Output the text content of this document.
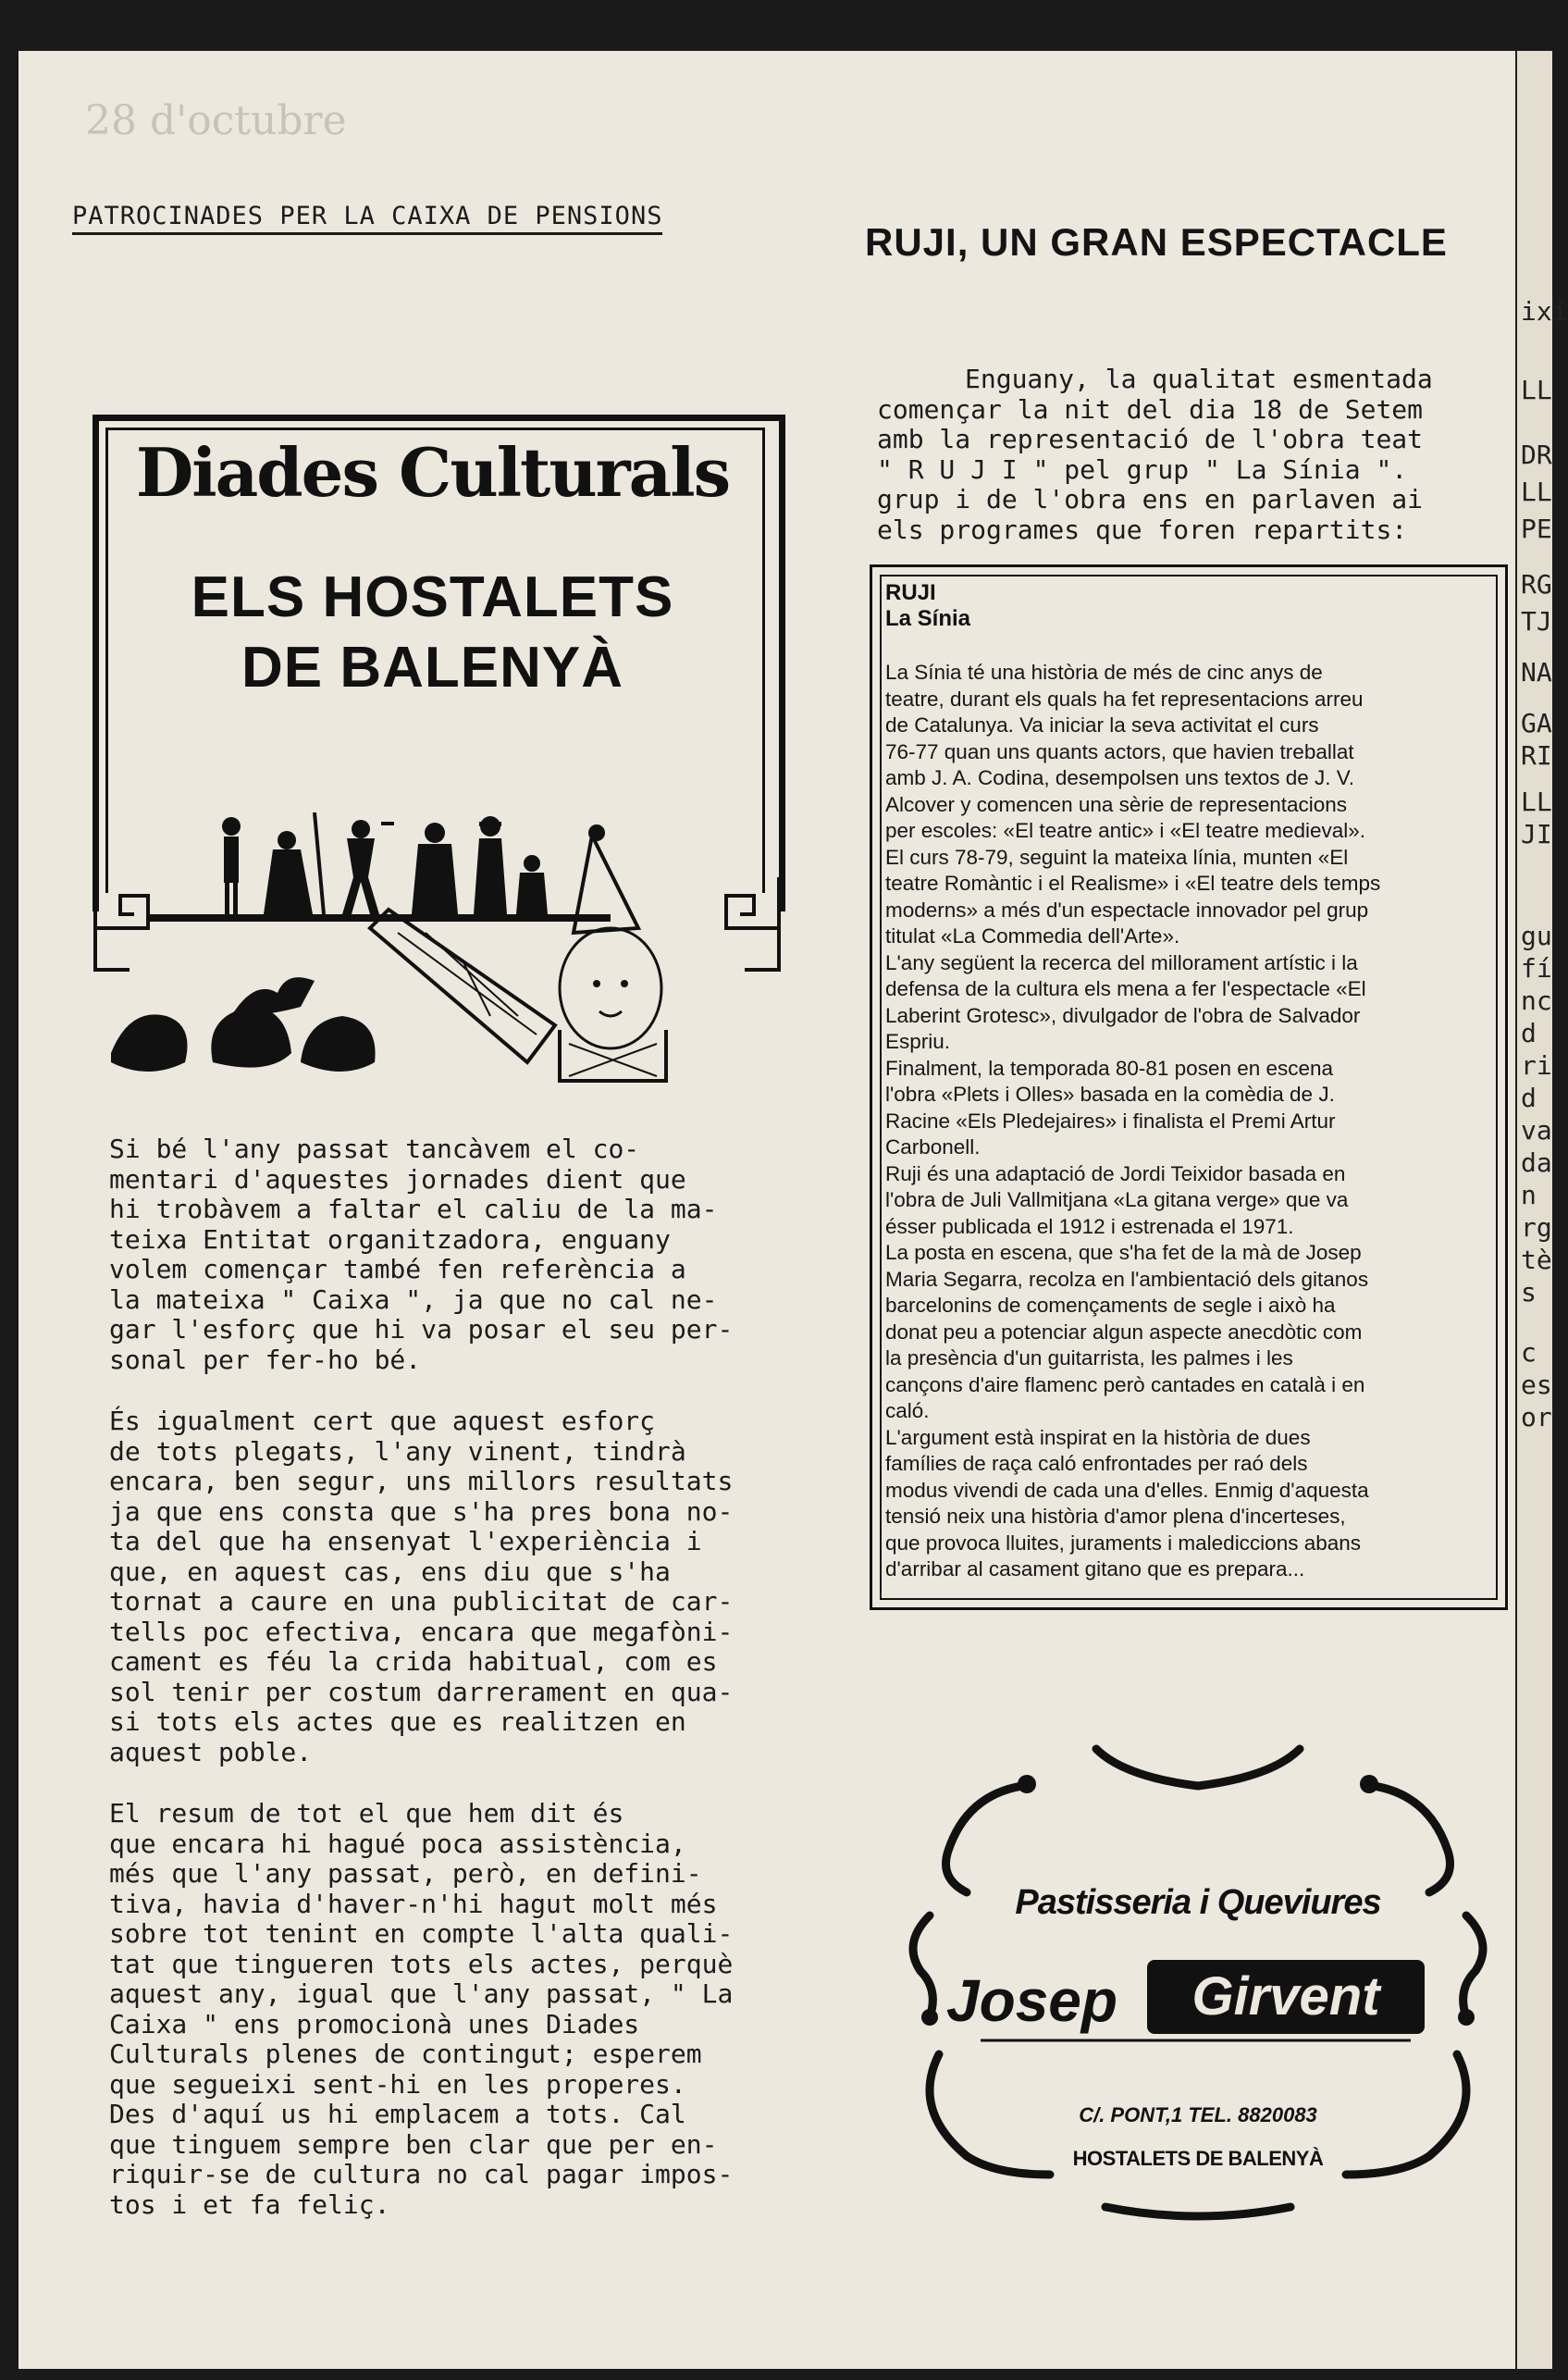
28 d'octubre
PATROCINADES PER LA CAIXA DE PENSIONS
RUJI, UN GRAN ESPECTACLE
Diades Culturals
ELS HOSTALETS
DE BALENYÀ
Si bé l'any passat tancàvem el co-
mentari d'aquestes jornades dient que
hi trobàvem a faltar el caliu de la ma-
teixa Entitat organitzadora, enguany
volem començar també fen referència a
la mateixa " Caixa ", ja que no cal ne-
gar l'esforç que hi va posar el seu per-
sonal per fer-ho bé.
És igualment cert que aquest esforç
de tots plegats, l'any vinent, tindrà
encara, ben segur, uns millors resultats
ja que ens consta que s'ha pres bona no-
ta del que ha ensenyat l'experiència i
que, en aquest cas, ens diu que s'ha
tornat a caure en una publicitat de car-
tells poc efectiva, encara que megafòni-
cament es féu la crida habitual, com es
sol tenir per costum darrerament en qua-
si tots els actes que es realitzen en
aquest poble.
El resum de tot el que hem dit és
que encara hi hagué poca assistència,
més que l'any passat, però, en defini-
tiva, havia d'haver-n'hi hagut molt més
sobre tot tenint en compte l'alta quali-
tat que tingueren tots els actes, perquè
aquest any, igual que l'any passat, " La
Caixa " ens promocionà unes Diades
Culturals plenes de contingut; esperem
que segueixi sent-hi en les properes.
Des d'aquí us hi emplacem a tots. Cal
que tinguem sempre ben clar que per en-
riquir-se de cultura no cal pagar impos-
tos i et fa feliç.
Enguany, la qualitat esmentada
començar la nit del dia 18 de Setem
amb la representació de l'obra teat
" R U J I " pel grup " La Sínia ".
grup i de l'obra ens en parlaven ai
els programes que foren repartits:
RUJI
La Sínia
La Sínia té una història de més de cinc anys de
teatre, durant els quals ha fet representacions arreu
de Catalunya. Va iniciar la seva activitat el curs
76-77 quan uns quants actors, que havien treballat
amb J. A. Codina, desempolsen uns textos de J. V.
Alcover y comencen una sèrie de representacions
per escoles: «El teatre antic» i «El teatre medieval».
El curs 78-79, seguint la mateixa línia, munten «El
teatre Romàntic i el Realisme» i «El teatre dels temps
moderns» a més d'un espectacle innovador pel grup
titulat «La Commedia dell'Arte».
L'any següent la recerca del millorament artístic i la
defensa de la cultura els mena a fer l'espectacle «El
Laberint Grotesc», divulgador de l'obra de Salvador
Espriu.
Finalment, la temporada 80-81 posen en escena
l'obra «Plets i Olles» basada en la comèdia de J.
Racine «Els Pledejaires» i finalista el Premi Artur
Carbonell.
Ruji és una adaptació de Jordi Teixidor basada en
l'obra de Juli Vallmitjana «La gitana verge» que va
ésser publicada el 1912 i estrenada el 1971.
La posta en escena, que s'ha fet de la mà de Josep
Maria Segarra, recolza en l'ambientació dels gitanos
barcelonins de començaments de segle i això ha
donat peu a potenciar algun aspecte anecdòtic com
la presència d'un guitarrista, les palmes i les
cançons d'aire flamenc però cantades en català i en
caló.
L'argument està inspirat en la història de dues
famílies de raça caló enfrontades per raó dels
modus vivendi de cada una d'elles. Enmig d'aquesta
tensió neix una història d'amor plena d'incerteses,
que provoca lluites, juraments i malediccions abans
d'arribar al casament gitano que es prepara...
Pastisseria i Queviures
Josep	Girvent
C/. PONT,1 TEL. 8820083
HOSTALETS DE BALENYÀ
ixí
LL
DR
LL
PE
RG
TJ
NA
GA
RI
LL
JI
gu
fí
nc
d
ri
d
va
da
n
rg
tè
s
c
es
or
